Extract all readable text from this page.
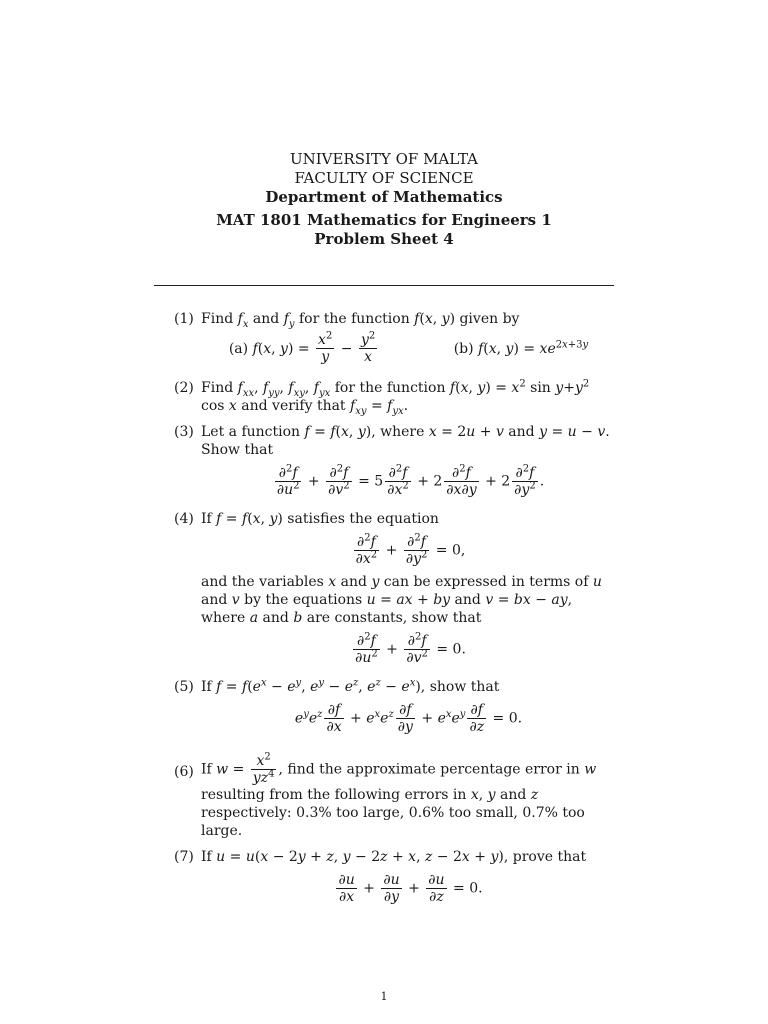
UNIVERSITY OF MALTA
FACULTY OF SCIENCE
Department of Mathematics
MAT 1801 Mathematics for Engineers 1
Problem Sheet 4
(1) Find $f_x$ and $f_y$ for the function f(x, y) given by
(a) f(x, $y) = \frac{x^2}{y} - \frac{y^2}{x}$	(b) f(x, $y) = xe^{2x+3y}$
(2) Find $f_{xx}$, $f_{yy}$, $f_{xy}$, $f_{yx}$ for the function f(x, $y) = x^2$ $\sin y+y^2$ cos x and verify that $f_{xy} = f_{yx}$.
(3) Let a function f = f(x, y), where x = 2u + v and y = u − v. Show that
$\frac{\partial^2f}{\partial u^2} + \frac{\partial^2f}{\partial v^2} = 5 \frac{\partial^2f}{\partial x^2} + 2 \frac{\partial^2f}{\partial x\partial y} + 2 \frac{\partial^2f}{\partial y^2}$ .
(4) If f = f(x, y) satisfies the equation
$\frac{\partial^2f}{\partial x^2} + \frac{\partial^2f}{\partial y^2} = 0$,
and the variables x and y can be expressed in terms of u and v by the equations u = ax + by and v = bx − ay, where a and b are constants, show that
$\frac{\partial^2f}{\partial u^2} + \frac{\partial^2f}{\partial v^2} = 0$.
(5) If $f = f(e^x - e^y$, $e^y - e^z$, $e^z - e^x$), show that
$e^ye^z \frac{\partial f}{\partial x} + e^xe^z \frac{\partial f}{\partial y} + e^xe^y \frac{\partial f}{\partial z} = 0$.
(6) If $w = \frac{x^2}{yz^4}$ , find the approximate percentage error in w resulting from the following errors in x, y and z respectively: 0.3% too large, 0.6% too small, 0.7% too large.
(7) If u = u(x − 2y + z, y − 2z + x, z − 2x + y), prove that
$\frac{\partial u}{\partial x} + \frac{\partial u}{\partial y} + \frac{\partial u}{\partial z} = 0$.
1
